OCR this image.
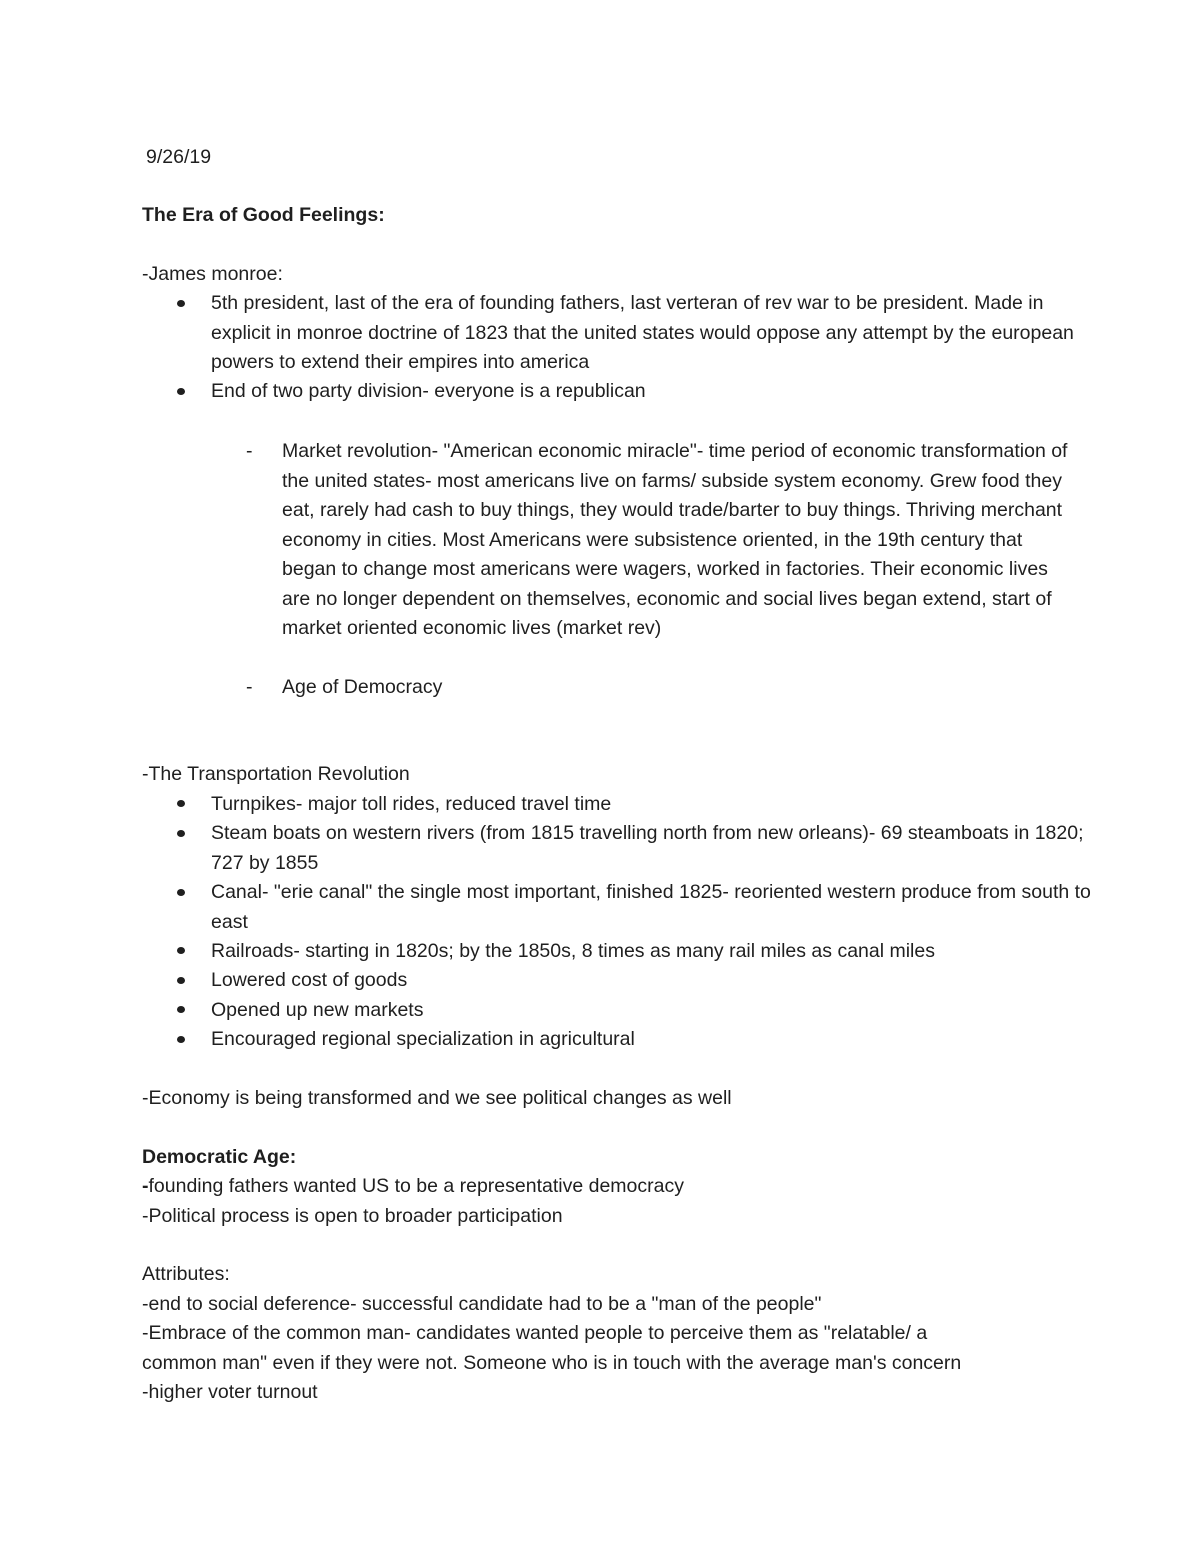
9/26/19
The Era of Good Feelings:
-James monroe:
5th president, last of the era of founding fathers, last verteran of rev war to be president. Made in explicit in monroe doctrine of 1823 that the united states would oppose any attempt by the european powers to extend their empires into america
End of two party division- everyone is a republican
- Market revolution- "American economic miracle"- time period of economic transformation of the united states- most americans live on farms/ subside system economy. Grew food they eat, rarely had cash to buy things, they would trade/barter to buy things. Thriving merchant economy in cities. Most Americans were subsistence oriented, in the 19th century that began to change most americans were wagers, worked in factories. Their economic lives are no longer dependent on themselves, economic and social lives began extend, start of market oriented economic lives (market rev)
- Age of Democracy
-The Transportation Revolution
Turnpikes- major toll rides, reduced travel time
Steam boats on western rivers (from 1815 travelling north from new orleans)- 69 steamboats in 1820; 727 by 1855
Canal- "erie canal" the single most important, finished 1825- reoriented western produce from south to east
Railroads- starting in 1820s; by the 1850s, 8 times as many rail miles as canal miles
Lowered cost of goods
Opened up new markets
Encouraged regional specialization in agricultural
-Economy is being transformed and we see political changes as well
Democratic Age:
-founding fathers wanted US to be a representative democracy
-Political process is open to broader participation
Attributes:
-end to social deference- successful candidate had to be a "man of the people"
-Embrace of the common man- candidates wanted people to perceive them as "relatable/ a
common man" even if they were not. Someone who is in touch with the average man's concern
-higher voter turnout
